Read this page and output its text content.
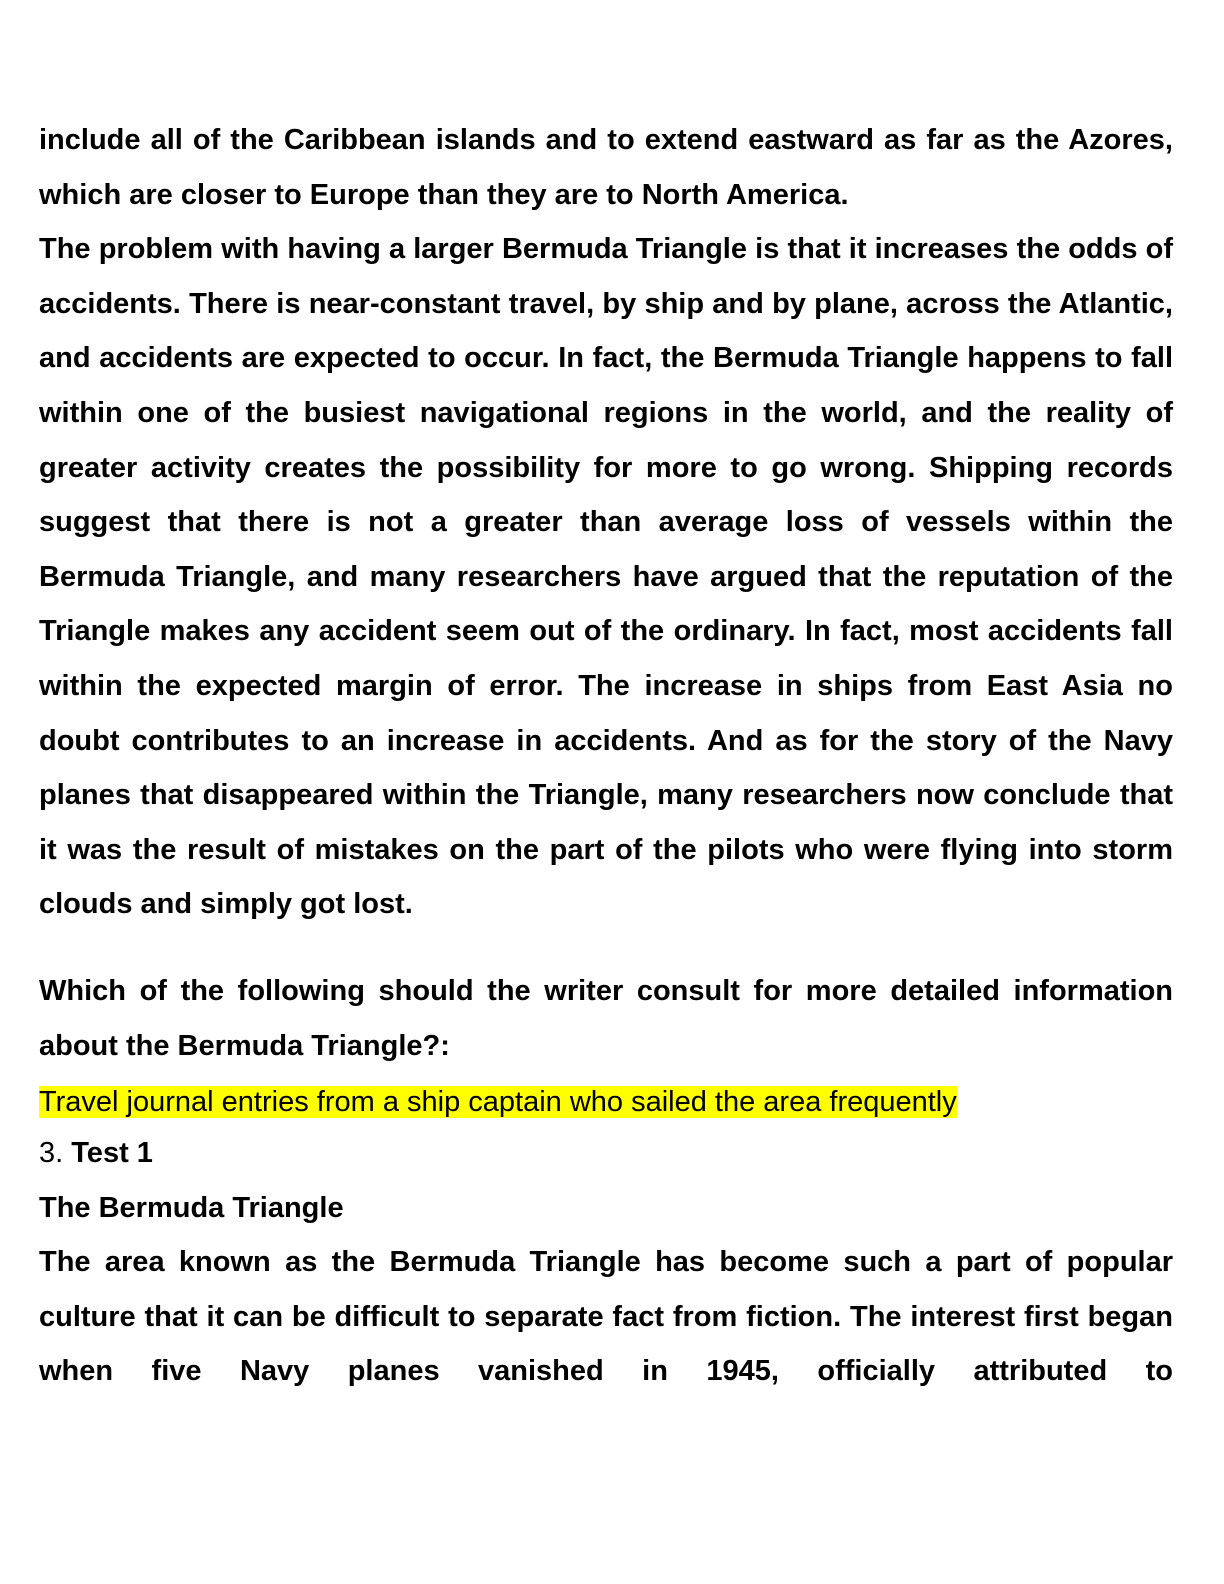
include all of the Caribbean islands and to extend eastward as far as the Azores, which are closer to Europe than they are to North America.

The problem with having a larger Bermuda Triangle is that it increases the odds of accidents. There is near-constant travel, by ship and by plane, across the Atlantic, and accidents are expected to occur. In fact, the Bermuda Triangle happens to fall within one of the busiest navigational regions in the world, and the reality of greater activity creates the possibility for more to go wrong. Shipping records suggest that there is not a greater than average loss of vessels within the Bermuda Triangle, and many researchers have argued that the reputation of the Triangle makes any accident seem out of the ordinary. In fact, most accidents fall within the expected margin of error. The increase in ships from East Asia no doubt contributes to an increase in accidents. And as for the story of the Navy planes that disappeared within the Triangle, many researchers now conclude that it was the result of mistakes on the part of the pilots who were flying into storm clouds and simply got lost.

Which of the following should the writer consult for more detailed information about the Bermuda Triangle?:

Travel journal entries from a ship captain who sailed the area frequently

3. Test 1

The Bermuda Triangle

The area known as the Bermuda Triangle has become such a part of popular culture that it can be difficult to separate fact from fiction. The interest first began when five Navy planes vanished in 1945, officially attributed to
